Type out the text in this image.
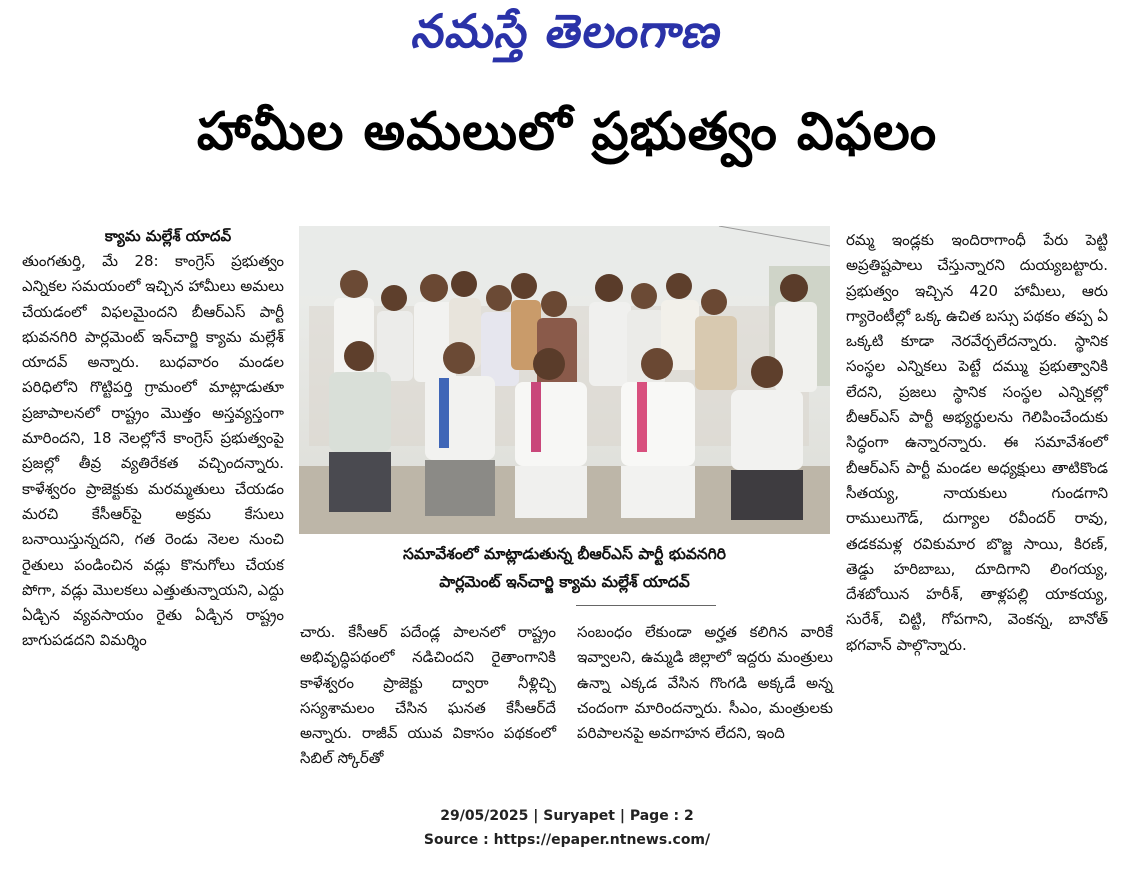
నమస్తే తెలంగాణ
హామీల అమలులో ప్రభుత్వం విఫలం
క్యామ మల్లేశ్ యాదవ్

తుంగతుర్తి, మే 28: కాంగ్రెస్ ప్రభుత్వం ఎన్నికల సమయంలో ఇచ్చిన హామీలు అమలు చేయడంలో విఫలమైందని బీఆర్ఎస్ పార్టీ భువనగిరి పార్లమెంట్ ఇన్‌చార్జి క్యామ మల్లేశ్ యాదవ్ అన్నారు. బుధవారం మండల పరిధిలోని గొట్టిపర్తి గ్రామంలో మాట్లాడుతూ ప్రజాపాలనలో రాష్ట్రం మొత్తం అస్తవ్యస్తంగా మారిందని, 18 నెలల్లోనే కాంగ్రెస్ ప్రభుత్వంపై ప్రజల్లో తీవ్ర వ్యతిరేకత వచ్చిందన్నారు. కాళేశ్వరం ప్రాజెక్టుకు మరమ్మతులు చేయడం మరచి కేసీఆర్‌పై అక్రమ కేసులు బనాయిస్తున్నదని, గత రెండు నెలల నుంచి రైతులు పండించిన వడ్లు కొనుగోలు చేయక పోగా, వడ్లు మొలకలు ఎత్తుతున్నాయని, ఎద్దు ఏడ్చిన వ్యవసాయం రైతు ఏడ్చిన రాష్ట్రం బాగుపడదని విమర్శిం

సమావేశంలో మాట్లాడుతున్న బీఆర్ఎస్ పార్టీ భువనగిరి
పార్లమెంట్ ఇన్‌చార్జి క్యామ మల్లేశ్ యాదవ్

చారు. కేసీఆర్ పదేండ్ల పాలనలో రాష్ట్రం అభివృద్ధిపథంలో నడిచిందని రైతాంగానికి కాళేశ్వరం ప్రాజెక్టు ద్వారా నీళ్లిచ్చి సస్యశామలం చేసిన ఘనత కేసీఆర్‌దే అన్నారు. రాజీవ్ యువ వికాసం పథకంలో సిబిల్ స్కోర్‌తో

సంబంధం లేకుండా అర్హత కలిగిన వారికే ఇవ్వాలని, ఉమ్మడి జిల్లాలో ఇద్దరు మంత్రులు ఉన్నా ఎక్కడ వేసిన గొంగడి అక్కడే అన్న చందంగా మారిందన్నారు. సీఎం, మంత్రులకు పరిపాలనపై అవగాహన లేదని, ఇంది

రమ్మ ఇండ్లకు ఇందిరాగాంధీ పేరు పెట్టి అప్రతిష్టపాలు చేస్తున్నారని దుయ్యబట్టారు. ప్రభుత్వం ఇచ్చిన 420 హామీలు, ఆరు గ్యారెంటీల్లో ఒక్క ఉచిత బస్సు పథకం తప్ప ఏ ఒక్కటి కూడా నెరవేర్చలేదన్నారు. స్థానిక సంస్థల ఎన్నికలు పెట్టే దమ్ము ప్రభుత్వానికి లేదని, ప్రజలు స్థానిక సంస్థల ఎన్నికల్లో బీఆర్ఎస్ పార్టీ అభ్యర్థులను గెలిపించేందుకు సిద్ధంగా ఉన్నారన్నారు. ఈ సమావేశంలో బీఆర్ఎస్ పార్టీ మండల అధ్యక్షులు తాటికొండ సీతయ్య, నాయకులు గుండగాని రాములుగౌడ్, దుగ్యాల రవీందర్ రావు, తడకమళ్ల రవికుమార బొజ్జ సాయి, కిరణ్, తెడ్డు హరిబాబు, దూదిగాని లింగయ్య, దేశబోయిన హరీశ్, తాళ్లపల్లి యాకయ్య, సురేశ్, చిట్టి, గోపగాని, వెంకన్న, బానోత్ భగవాన్ పాల్గొన్నారు.

29/05/2025 | Suryapet | Page : 2
Source : https://epaper.ntnews.com/
